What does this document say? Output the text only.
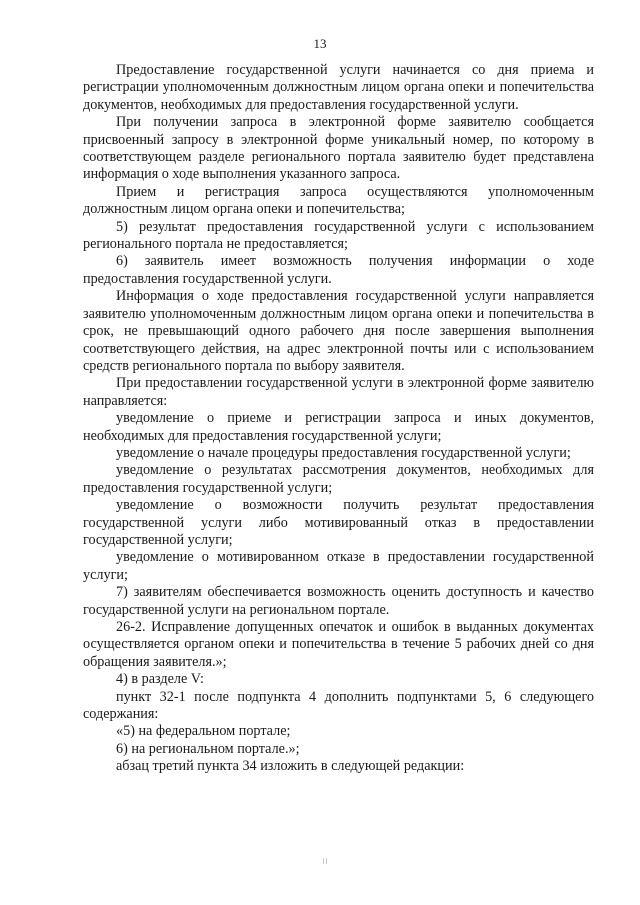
13

Предоставление государственной услуги начинается со дня приема и регистрации уполномоченным должностным лицом органа опеки и попечительства документов, необходимых для предоставления государственной услуги.

При получении запроса в электронной форме заявителю сообщается присвоенный запросу в электронной форме уникальный номер, по которому в соответствующем разделе регионального портала заявителю будет представлена информация о ходе выполнения указанного запроса.

Прием и регистрация запроса осуществляются уполномоченным должностным лицом органа опеки и попечительства;

5) результат предоставления государственной услуги с использованием регионального портала не предоставляется;

6) заявитель имеет возможность получения информации о ходе предоставления государственной услуги.

Информация о ходе предоставления государственной услуги направляется заявителю уполномоченным должностным лицом органа опеки и попечительства в срок, не превышающий одного рабочего дня после завершения выполнения соответствующего действия, на адрес электронной почты или с использованием средств регионального портала по выбору заявителя.

При предоставлении государственной услуги в электронной форме заявителю направляется:

уведомление о приеме и регистрации запроса и иных документов, необходимых для предоставления государственной услуги;

уведомление о начале процедуры предоставления государственной услуги;

уведомление о результатах рассмотрения документов, необходимых для предоставления государственной услуги;

уведомление о возможности получить результат предоставления государственной услуги либо мотивированный отказ в предоставлении государственной услуги;

уведомление о мотивированном отказе в предоставлении государственной услуги;

7) заявителям обеспечивается возможность оценить доступность и качество государственной услуги на региональном портале.

26-2. Исправление допущенных опечаток и ошибок в выданных документах осуществляется органом опеки и попечительства в течение 5 рабочих дней со дня обращения заявителя.»;

4) в разделе V:

пункт 32-1 после подпункта 4 дополнить подпунктами 5, 6 следующего содержания:

«5) на федеральном портале;

6) на региональном портале.»;

абзац третий пункта 34 изложить в следующей редакции:
